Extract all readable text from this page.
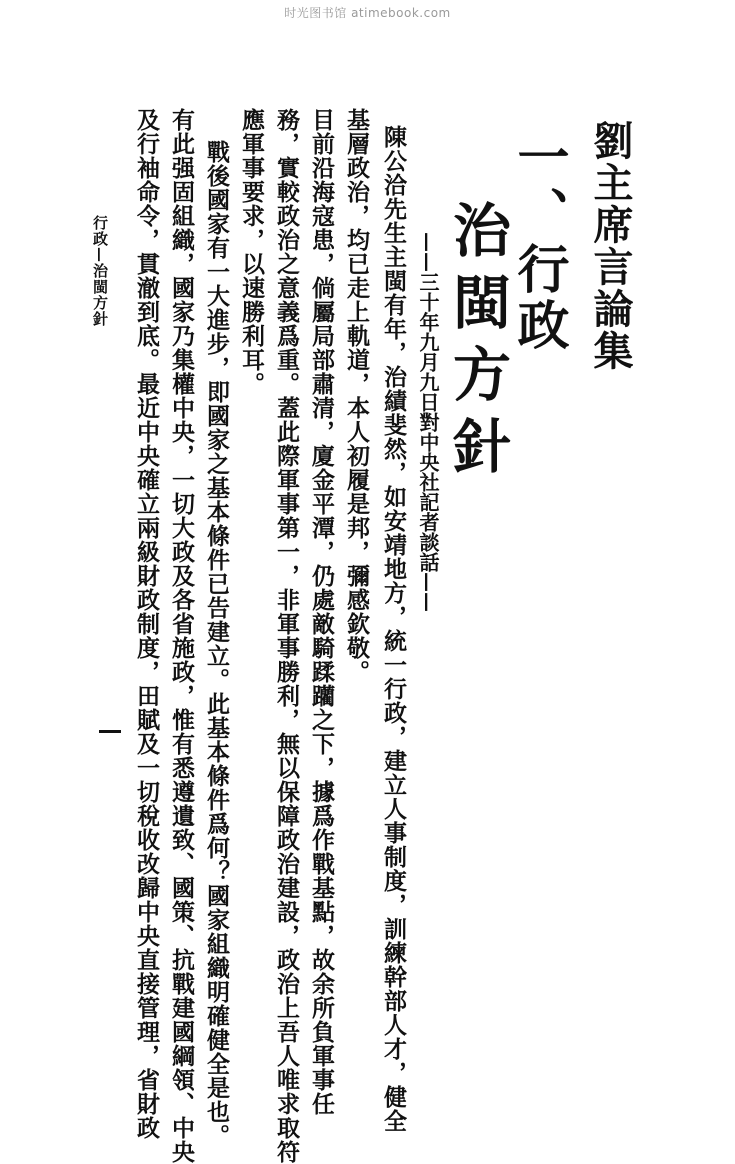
时光图书馆 atimebook.com
劉主席言論集
一、行政
治閩方針
——三十年九月九日對中央社記者談話——
陳公洽先生主閩有年，治績斐然，如安靖地方，統一行政，建立人事制度，訓練幹部人才，健全
基層政治，均已走上軌道，本人初履是邦，彌感欽敬。
目前沿海寇患，倘屬局部肅清，廈金平潭，仍處敵騎蹂躪之下，據爲作戰基點，故余所負軍事任
務，實較政治之意義爲重。蓋此際軍事第一，非軍事勝利，無以保障政治建設，政治上吾人唯求取符
應軍事要求，以速勝利耳。
戰後國家有一大進步，即國家之基本條件已告建立。此基本條件爲何？國家組織明確健全是也。
有此强固組織，國家乃集權中央，一切大政及各省施政，惟有悉遵遺致、國策、抗戰建國綱領、中央
及行袖命令，貫澈到底。最近中央確立兩級財政制度，田賦及一切稅收改歸中央直接管理，省財政
行政—治閩方針
